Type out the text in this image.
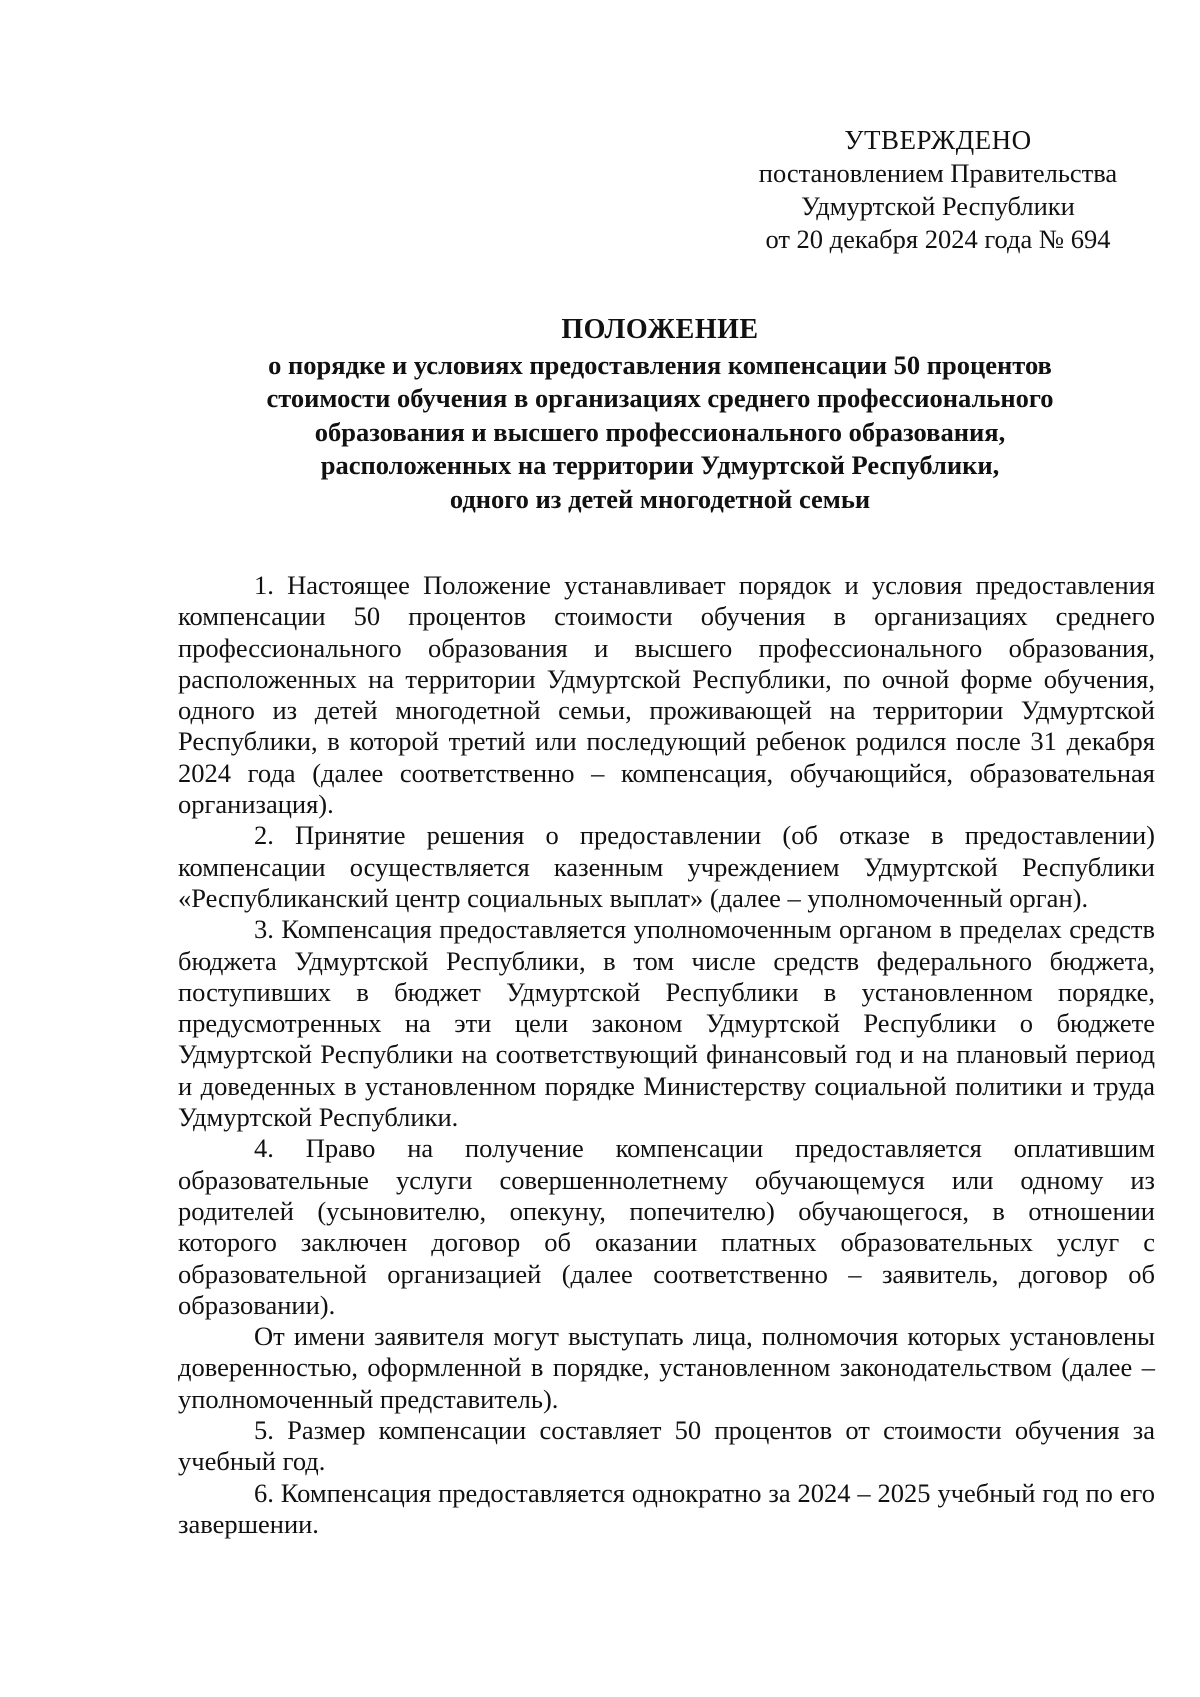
УТВЕРЖДЕНО
постановлением Правительства
Удмуртской Республики
от 20 декабря 2024 года № 694
ПОЛОЖЕНИЕ
о порядке и условиях предоставления компенсации 50 процентов
стоимости обучения в организациях среднего профессионального
образования и высшего профессионального образования,
расположенных на территории Удмуртской Республики,
одного из детей многодетной семьи

1. Настоящее Положение устанавливает порядок и условия предоставления компенсации 50 процентов стоимости обучения в организациях среднего профессионального образования и высшего профессионального образования, расположенных на территории Удмуртской Республики, по очной форме обучения, одного из детей многодетной семьи, проживающей на территории Удмуртской Республики, в которой третий или последующий ребенок родился после 31 декабря 2024 года (далее соответственно – компенсация, обучающийся, образовательная организация).

2. Принятие решения о предоставлении (об отказе в предоставлении) компенсации осуществляется казенным учреждением Удмуртской Республики «Республиканский центр социальных выплат» (далее – уполномоченный орган).

3. Компенсация предоставляется уполномоченным органом в пределах средств бюджета Удмуртской Республики, в том числе средств федерального бюджета, поступивших в бюджет Удмуртской Республики в установленном порядке, предусмотренных на эти цели законом Удмуртской Республики о бюджете Удмуртской Республики на соответствующий финансовый год и на плановый период и доведенных в установленном порядке Министерству социальной политики и труда Удмуртской Республики.

4. Право на получение компенсации предоставляется оплатившим образовательные услуги совершеннолетнему обучающемуся или одному из родителей (усыновителю, опекуну, попечителю) обучающегося, в отношении которого заключен договор об оказании платных образовательных услуг с образовательной организацией (далее соответственно – заявитель, договор об образовании).

От имени заявителя могут выступать лица, полномочия которых установлены доверенностью, оформленной в порядке, установленном законодательством (далее – уполномоченный представитель).

5. Размер компенсации составляет 50 процентов от стоимости обучения за учебный год.

6. Компенсация предоставляется однократно за 2024 – 2025 учебный год по его завершении.
